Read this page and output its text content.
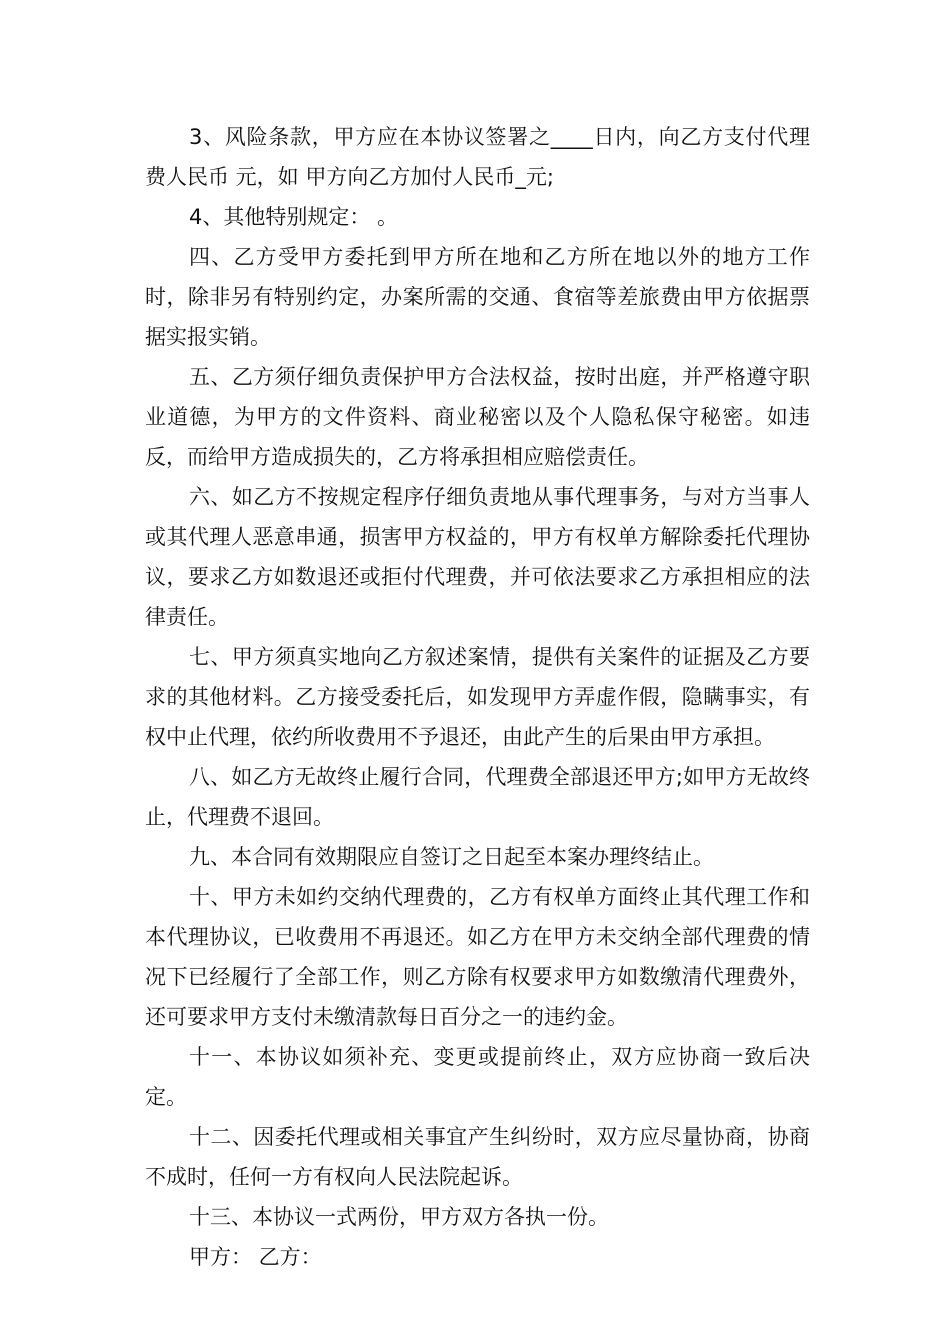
3、风险条款，甲方应在本协议签署之____日内，向乙方支付代理费人民币 元，如 甲方向乙方加付人民币_元;

4、其他特别规定： 。

四、乙方受甲方委托到甲方所在地和乙方所在地以外的地方工作时，除非另有特别约定，办案所需的交通、食宿等差旅费由甲方依据票据实报实销。

五、乙方须仔细负责保护甲方合法权益，按时出庭，并严格遵守职业道德，为甲方的文件资料、商业秘密以及个人隐私保守秘密。如违反，而给甲方造成损失的，乙方将承担相应赔偿责任。

六、如乙方不按规定程序仔细负责地从事代理事务，与对方当事人或其代理人恶意串通，损害甲方权益的，甲方有权单方解除委托代理协议，要求乙方如数退还或拒付代理费，并可依法要求乙方承担相应的法律责任。

七、甲方须真实地向乙方叙述案情，提供有关案件的证据及乙方要求的其他材料。乙方接受委托后，如发现甲方弄虚作假，隐瞒事实，有权中止代理，依约所收费用不予退还，由此产生的后果由甲方承担。

八、如乙方无故终止履行合同，代理费全部退还甲方;如甲方无故终止，代理费不退回。

九、本合同有效期限应自签订之日起至本案办理终结止。

十、甲方未如约交纳代理费的，乙方有权单方面终止其代理工作和本代理协议，已收费用不再退还。如乙方在甲方未交纳全部代理费的情况下已经履行了全部工作，则乙方除有权要求甲方如数缴清代理费外，还可要求甲方支付未缴清款每日百分之一的违约金。

十一、本协议如须补充、变更或提前终止，双方应协商一致后决定。

十二、因委托代理或相关事宜产生纠纷时，双方应尽量协商，协商不成时，任何一方有权向人民法院起诉。

十三、本协议一式两份，甲方双方各执一份。

甲方： 乙方：
